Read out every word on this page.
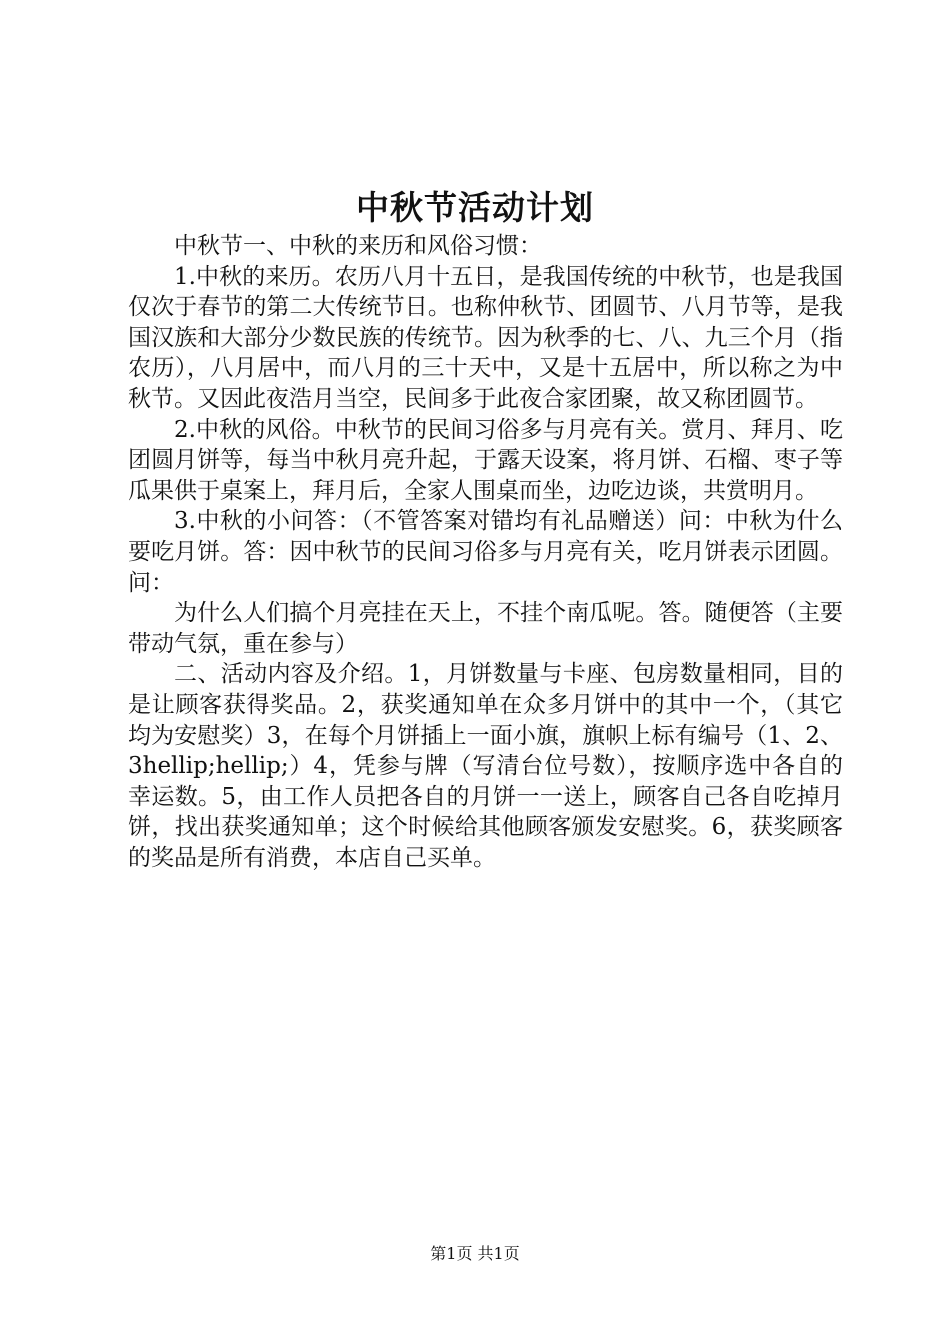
中秋节活动计划

中秋节一、中秋的来历和风俗习惯：

1.中秋的来历。农历八月十五日，是我国传统的中秋节，也是我国仅次于春节的第二大传统节日。也称仲秋节、团圆节、八月节等，是我国汉族和大部分少数民族的传统节。因为秋季的七、八、九三个月（指农历），八月居中，而八月的三十天中，又是十五居中，所以称之为中秋节。又因此夜浩月当空，民间多于此夜合家团聚，故又称团圆节。

2.中秋的风俗。中秋节的民间习俗多与月亮有关。赏月、拜月、吃团圆月饼等，每当中秋月亮升起，于露天设案，将月饼、石榴、枣子等瓜果供于桌案上，拜月后，全家人围桌而坐，边吃边谈，共赏明月。

3.中秋的小问答：（不管答案对错均有礼品赠送）问：中秋为什么要吃月饼。答：因中秋节的民间习俗多与月亮有关，吃月饼表示团圆。问：

为什么人们搞个月亮挂在天上，不挂个南瓜呢。答。随便答（主要带动气氛，重在参与）

二、活动内容及介绍。1，月饼数量与卡座、包房数量相同，目的是让顾客获得奖品。2，获奖通知单在众多月饼中的其中一个，（其它均为安慰奖）3，在每个月饼插上一面小旗，旗帜上标有编号（1、2、3hellip;hellip;）4，凭参与牌（写清台位号数），按顺序选中各自的幸运数。5，由工作人员把各自的月饼一一送上，顾客自己各自吃掉月饼，找出获奖通知单；这个时候给其他顾客颁发安慰奖。6，获奖顾客的奖品是所有消费，本店自己买单。

第1页 共1页
